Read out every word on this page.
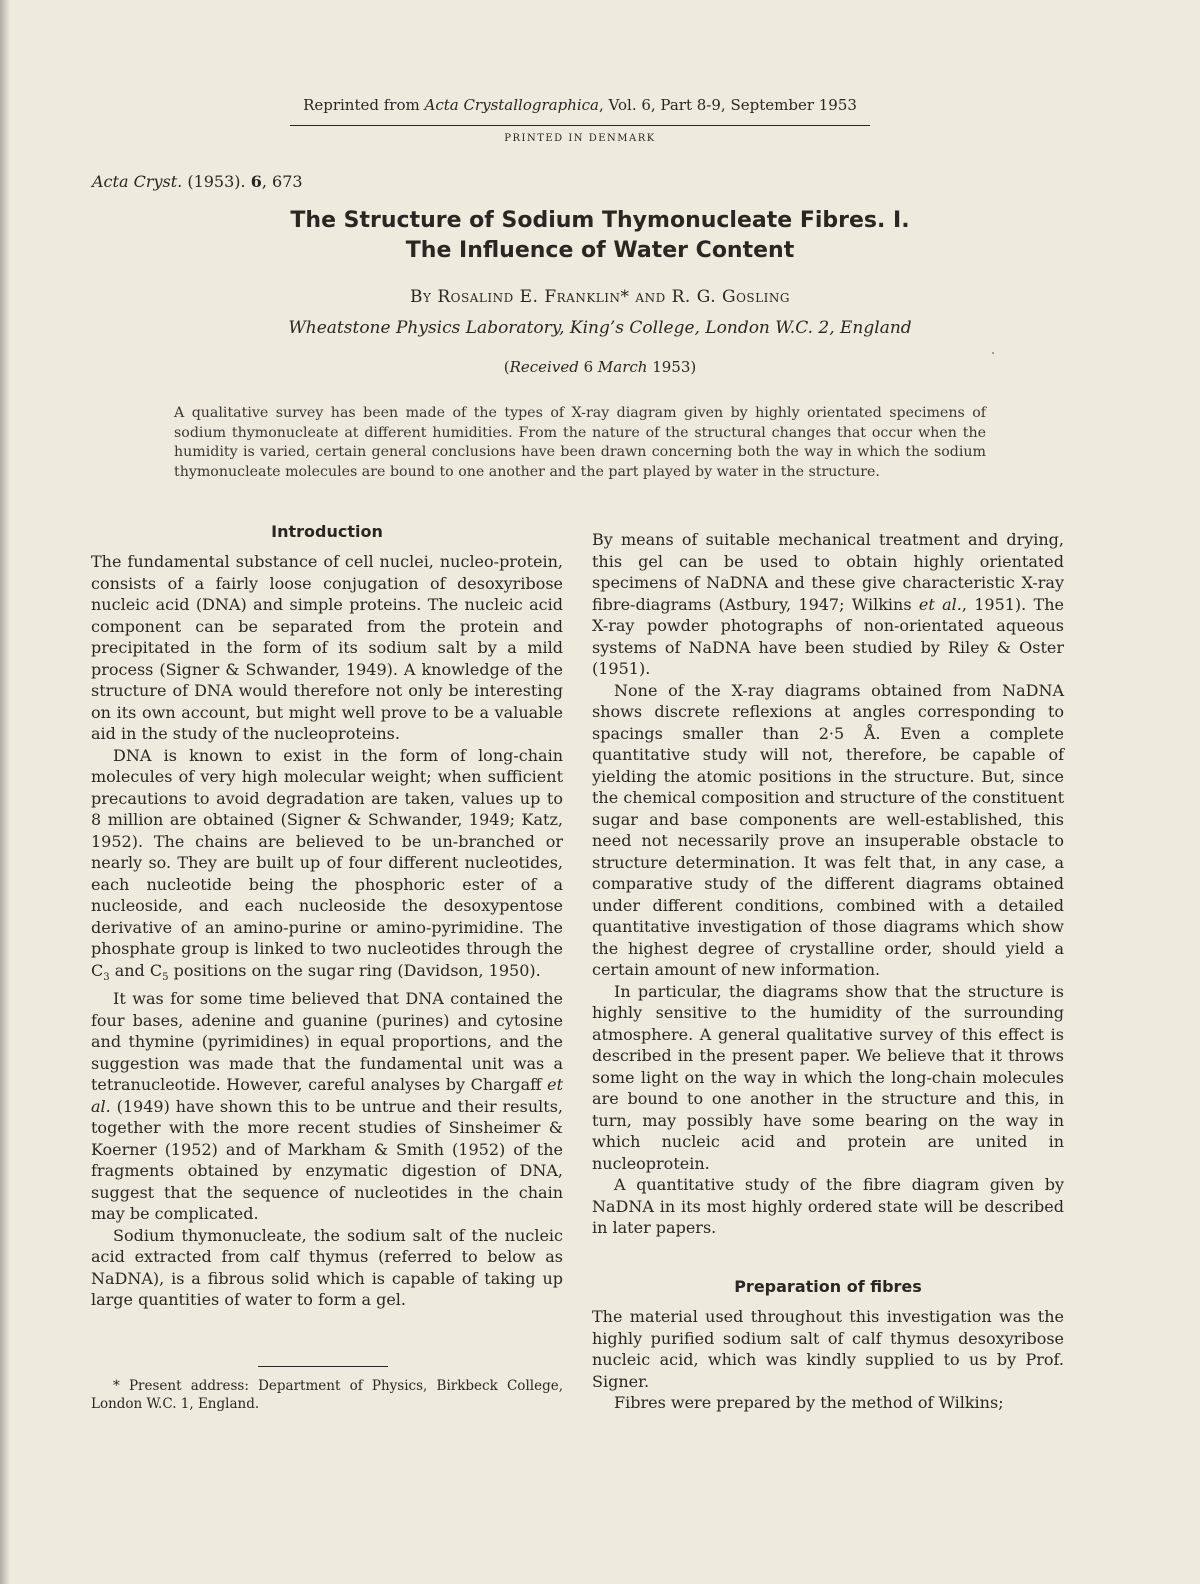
Reprinted from Acta Crystallographica, Vol. 6, Part 8-9, September 1953
PRINTED IN DENMARK
Acta Cryst. (1953). 6, 673
The Structure of Sodium Thymonucleate Fibres. I.
The Influence of Water Content
By Rosalind E. Franklin* and R. G. Gosling
Wheatstone Physics Laboratory, King’s College, London W.C. 2, England
(Received 6 March 1953)
A qualitative survey has been made of the types of X-ray diagram given by highly orientated specimens of sodium thymonucleate at different humidities. From the nature of the structural changes that occur when the humidity is varied, certain general conclusions have been drawn concerning both the way in which the sodium thymonucleate molecules are bound to one another and the part played by water in the structure.
Introduction

The fundamental substance of cell nuclei, nucleo-protein, consists of a fairly loose conjugation of desoxyribose nucleic acid (DNA) and simple proteins. The nucleic acid component can be separated from the protein and precipitated in the form of its sodium salt by a mild process (Signer & Schwander, 1949). A knowledge of the structure of DNA would therefore not only be interesting on its own account, but might well prove to be a valuable aid in the study of the nucleoproteins.

DNA is known to exist in the form of long-chain molecules of very high molecular weight; when sufficient precautions to avoid degradation are taken, values up to 8 million are obtained (Signer & Schwander, 1949; Katz, 1952). The chains are believed to be un-branched or nearly so. They are built up of four different nucleotides, each nucleotide being the phosphoric ester of a nucleoside, and each nucleoside the desoxypentose derivative of an amino-purine or amino-pyrimidine. The phosphate group is linked to two nucleotides through the $C_3$ and $C_5$ positions on the sugar ring (Davidson, 1950).

It was for some time believed that DNA contained the four bases, adenine and guanine (purines) and cytosine and thymine (pyrimidines) in equal proportions, and the suggestion was made that the fundamental unit was a tetranucleotide. However, careful analyses by Chargaff et al. (1949) have shown this to be untrue and their results, together with the more recent studies of Sinsheimer & Koerner (1952) and of Markham & Smith (1952) of the fragments obtained by enzymatic digestion of DNA, suggest that the sequence of nucleotides in the chain may be complicated.

Sodium thymonucleate, the sodium salt of the nucleic acid extracted from calf thymus (referred to below as NaDNA), is a fibrous solid which is capable of taking up large quantities of water to form a gel.

* Present address: Department of Physics, Birkbeck College, London W.C. 1, England.

By means of suitable mechanical treatment and drying, this gel can be used to obtain highly orientated specimens of NaDNA and these give characteristic X-ray fibre-diagrams (Astbury, 1947; Wilkins et al., 1951). The X-ray powder photographs of non-orientated aqueous systems of NaDNA have been studied by Riley & Oster (1951).

None of the X-ray diagrams obtained from NaDNA shows discrete reflexions at angles corresponding to spacings smaller than 2·5 Å. Even a complete quantitative study will not, therefore, be capable of yielding the atomic positions in the structure. But, since the chemical composition and structure of the constituent sugar and base components are well-established, this need not necessarily prove an insuperable obstacle to structure determination. It was felt that, in any case, a comparative study of the different diagrams obtained under different conditions, combined with a detailed quantitative investigation of those diagrams which show the highest degree of crystalline order, should yield a certain amount of new information.

In particular, the diagrams show that the structure is highly sensitive to the humidity of the surrounding atmosphere. A general qualitative survey of this effect is described in the present paper. We believe that it throws some light on the way in which the long-chain molecules are bound to one another in the structure and this, in turn, may possibly have some bearing on the way in which nucleic acid and protein are united in nucleoprotein.

A quantitative study of the fibre diagram given by NaDNA in its most highly ordered state will be described in later papers.

Preparation of fibres

The material used throughout this investigation was the highly purified sodium salt of calf thymus desoxyribose nucleic acid, which was kindly supplied to us by Prof. Signer.

Fibres were prepared by the method of Wilkins;
